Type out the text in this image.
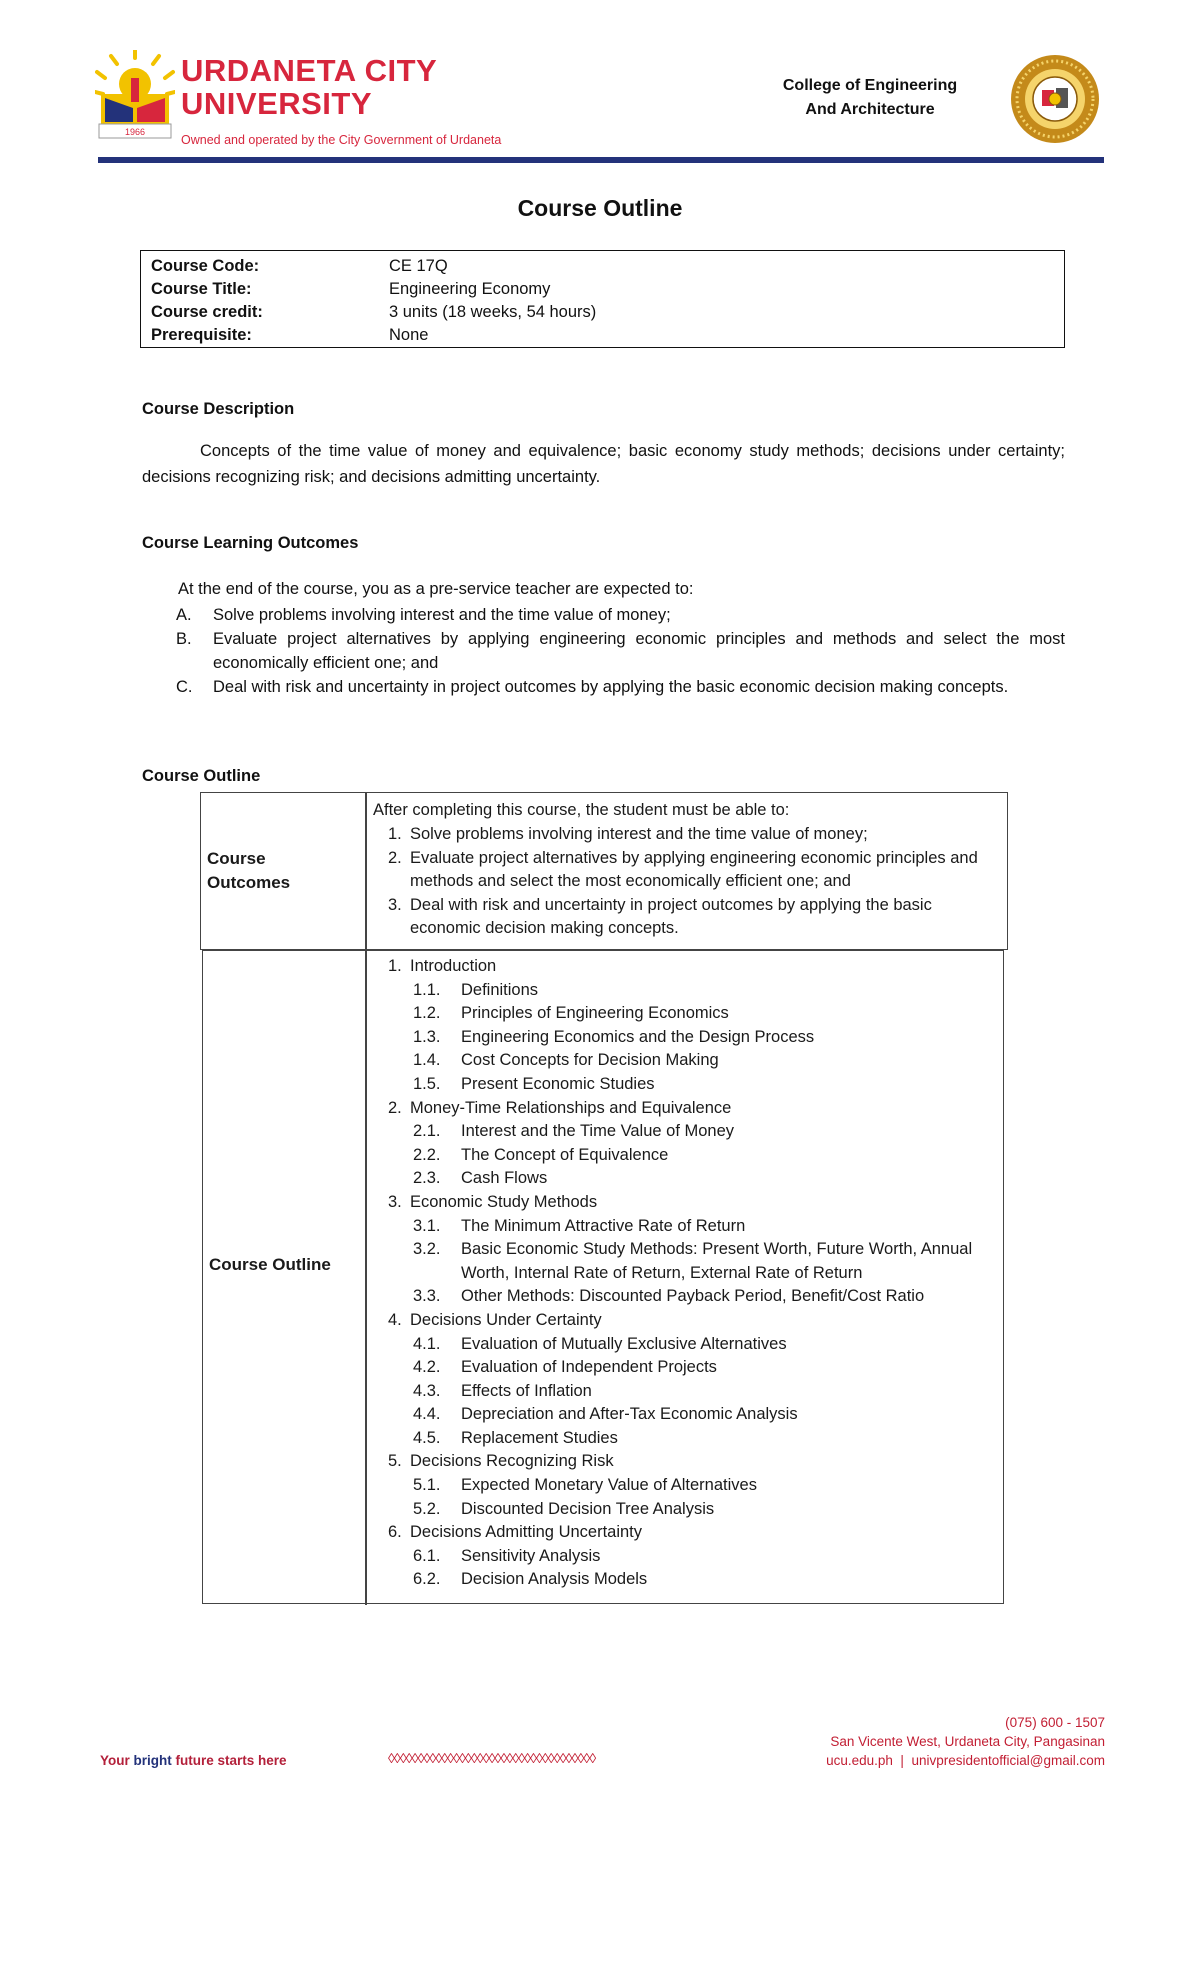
1966
URDANETA CITY
UNIVERSITY
Owned and operated by the City Government of Urdaneta
College of Engineering
And Architecture
Course Outline
Course Code:	CE 17Q
Course Title:	Engineering Economy
Course credit:	3 units (18 weeks, 54 hours)
Prerequisite:	None
Course Description
Concepts of the time value of money and equivalence; basic economy study methods; decisions under certainty; decisions recognizing risk; and decisions admitting uncertainty.
Course Learning Outcomes
At the end of the course, you as a pre-service teacher are expected to:
A.	Solve problems involving interest and the time value of money;
B.	Evaluate project alternatives by applying engineering economic principles and methods and select the most economically efficient one; and
C.	Deal with risk and uncertainty in project outcomes by applying the basic economic decision making concepts.
Course Outline
Course
Outcomes
After completing this course, the student must be able to:
1. Solve problems involving interest and the time value of money;
2. Evaluate project alternatives by applying engineering economic principles and methods and select the most economically efficient one; and
3. Deal with risk and uncertainty in project outcomes by applying the basic economic decision making concepts.
Course Outline
1. Introduction
1.1.	Definitions
1.2.	Principles of Engineering Economics
1.3.	Engineering Economics and the Design Process
1.4.	Cost Concepts for Decision Making
1.5.	Present Economic Studies
2. Money-Time Relationships and Equivalence
2.1.	Interest and the Time Value of Money
2.2.	The Concept of Equivalence
2.3.	Cash Flows
3. Economic Study Methods
3.1.	The Minimum Attractive Rate of Return
3.2.	Basic Economic Study Methods: Present Worth, Future Worth, Annual Worth, Internal Rate of Return, External Rate of Return
3.3.	Other Methods: Discounted Payback Period, Benefit/Cost Ratio
4. Decisions Under Certainty
4.1.	Evaluation of Mutually Exclusive Alternatives
4.2.	Evaluation of Independent Projects
4.3.	Effects of Inflation
4.4.	Depreciation and After-Tax Economic Analysis
4.5.	Replacement Studies
5. Decisions Recognizing Risk
5.1.	Expected Monetary Value of Alternatives
5.2.	Discounted Decision Tree Analysis
6. Decisions Admitting Uncertainty
6.1.	Sensitivity Analysis
6.2.	Decision Analysis Models
Your bright future starts here	◊◊◊◊◊◊◊◊◊◊◊◊◊◊◊◊◊◊◊◊◊◊◊◊◊◊◊◊◊◊◊◊◊◊◊
(075) 600 - 1507
San Vicente West, Urdaneta City, Pangasinan
ucu.edu.ph | univpresidentofficial@gmail.com
